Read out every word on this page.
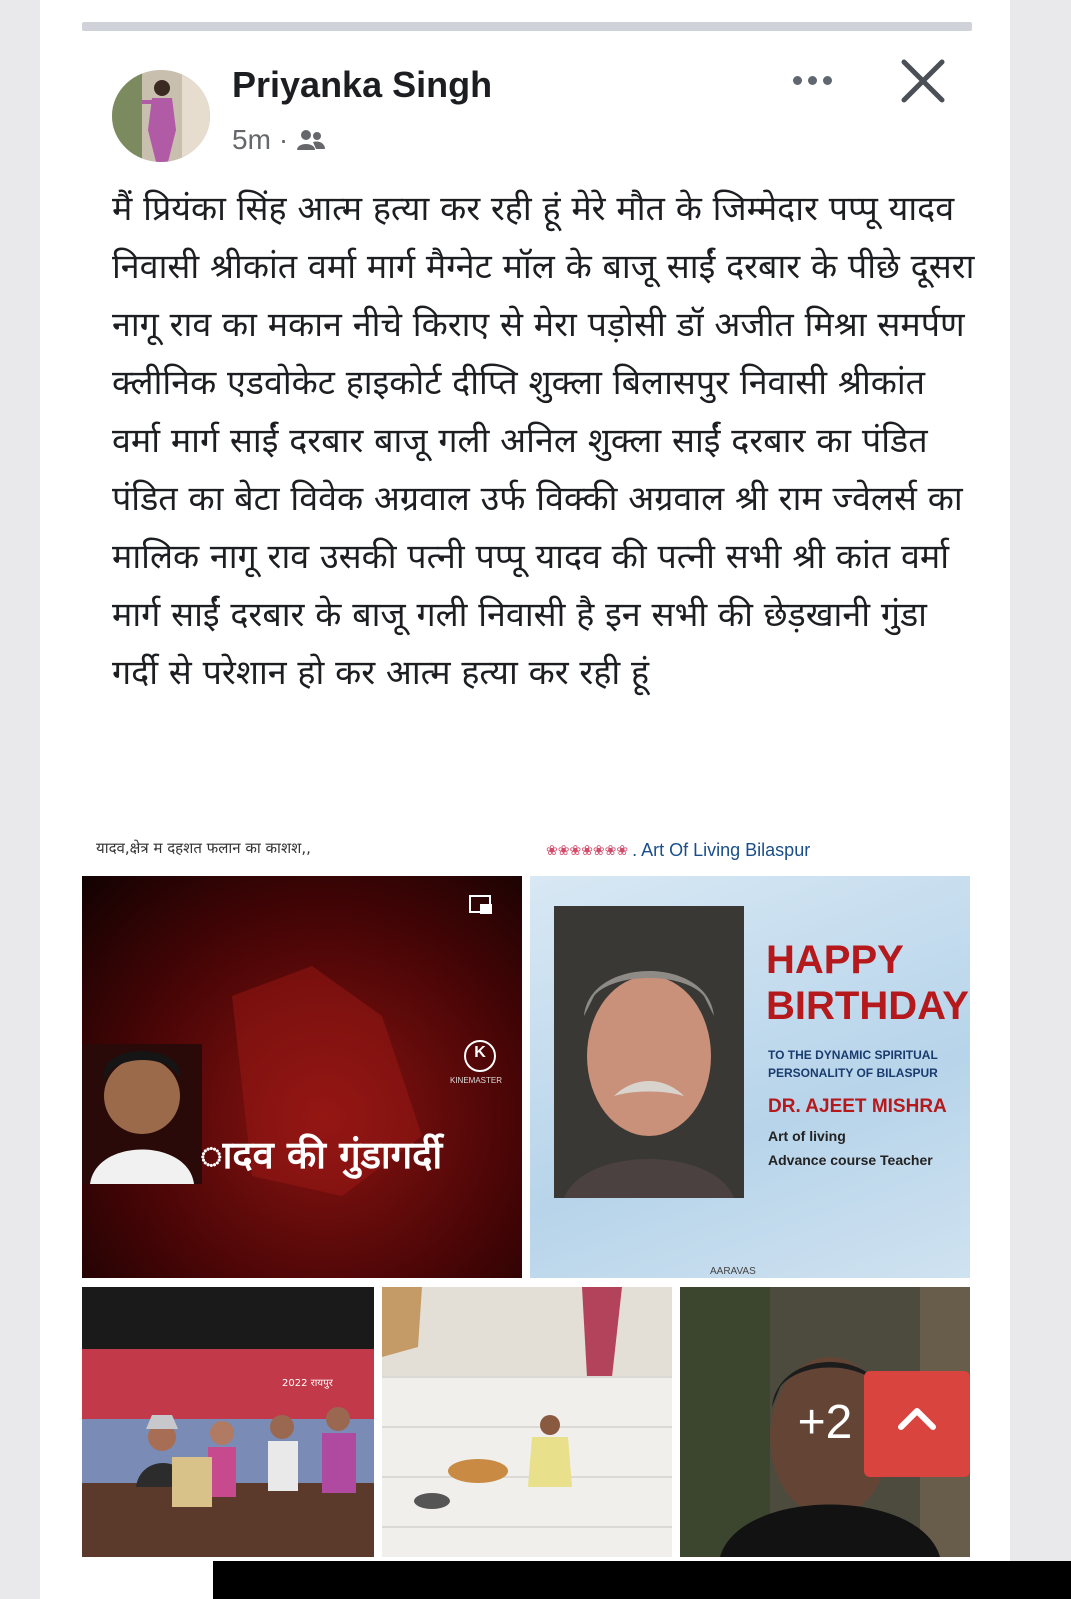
Priyanka Singh
5m ·
मैं प्रियंका सिंह आत्म हत्या कर रही हूं मेरे मौत के जिम्मेदार पप्पू यादव निवासी श्रीकांत वर्मा मार्ग मैग्नेट मॉल के बाजू साईं दरबार के पीछे दूसरा नागू राव का मकान नीचे किराए से मेरा पड़ोसी डॉ अजीत मिश्रा समर्पण क्लीनिक एडवोकेट हाइकोर्ट दीप्ति शुक्ला बिलासपुर निवासी श्रीकांत वर्मा मार्ग साईं दरबार बाजू गली अनिल शुक्ला साईं दरबार का पंडित पंडित का बेटा विवेक अग्रवाल उर्फ विक्की अग्रवाल श्री राम ज्वेलर्स का मालिक नागू राव उसकी पत्नी पप्पू यादव की पत्नी सभी श्री कांत वर्मा मार्ग साईं दरबार के बाजू गली निवासी है इन सभी की छेड़खानी गुंडा गर्दी से परेशान हो कर आत्म हत्या कर रही हूं
यादव,क्षेत्र म दहशत फलान का काशश,,	❀❀❀❀❀❀❀ . Art Of Living Bilaspur
K
KINEMASTER
ादव की गुंडागर्दी
HAPPY
BIRTHDAY
TO THE DYNAMIC SPIRITUAL
PERSONALITY OF BILASPUR
DR. AJEET MISHRA
Art of living
Advance course Teacher
AARAVAS
2022 रायपुर
+2
